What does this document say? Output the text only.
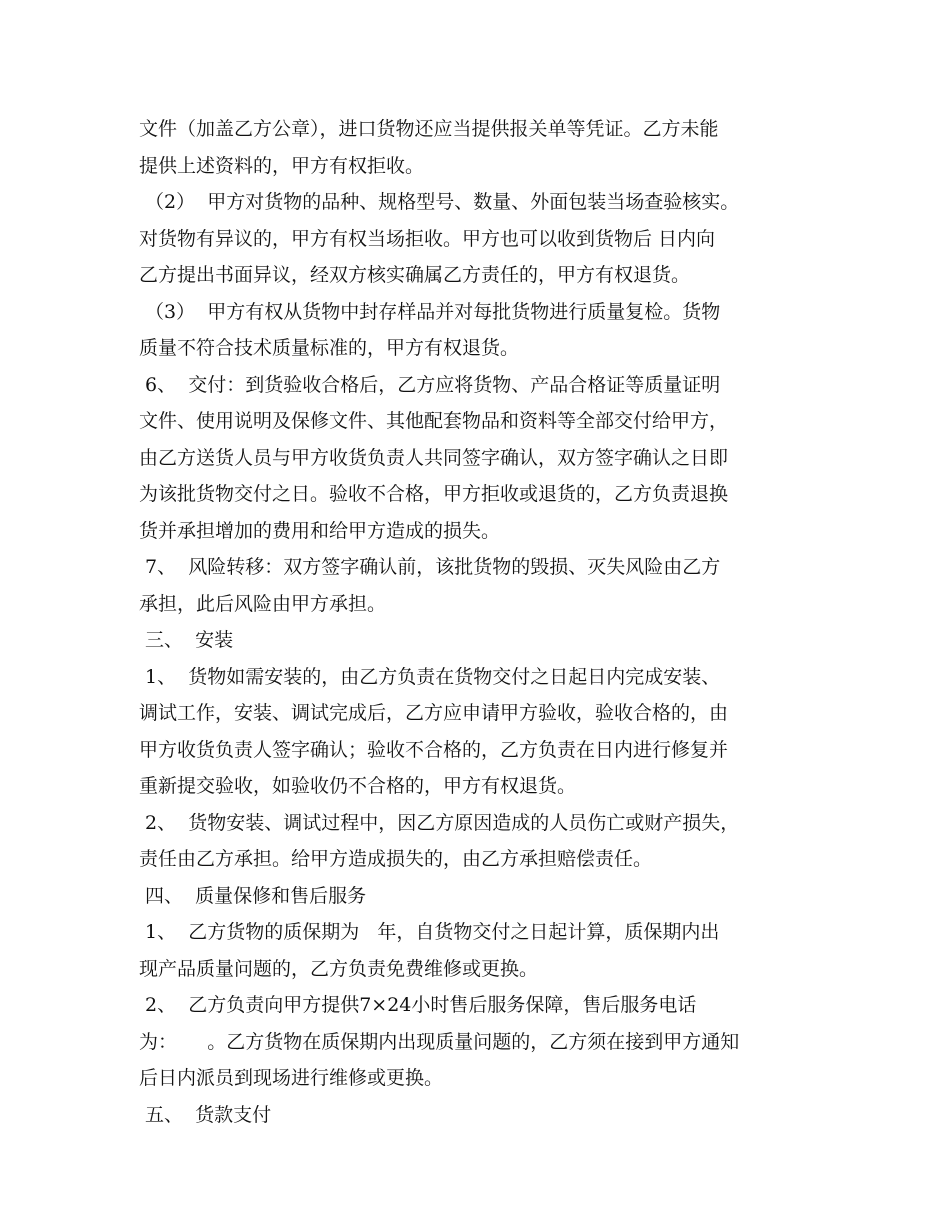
文件（加盖乙方公章），进口货物还应当提供报关单等凭证。乙方未能

提供上述资料的，甲方有权拒收。

（2）  甲方对货物的品种、规格型号、数量、外面包装当场查验核实。

对货物有异议的，甲方有权当场拒收。甲方也可以收到货物后 日内向

乙方提出书面异议，经双方核实确属乙方责任的，甲方有权退货。

（3）  甲方有权从货物中封存样品并对每批货物进行质量复检。货物

质量不符合技术质量标准的，甲方有权退货。

6、  交付：到货验收合格后，乙方应将货物、产品合格证等质量证明

文件、使用说明及保修文件、其他配套物品和资料等全部交付给甲方，

由乙方送货人员与甲方收货负责人共同签字确认，双方签字确认之日即

为该批货物交付之日。验收不合格，甲方拒收或退货的，乙方负责退换

货并承担增加的费用和给甲方造成的损失。

7、  风险转移：双方签字确认前，该批货物的毁损、灭失风险由乙方

承担，此后风险由甲方承担。

三、  安装

1、  货物如需安装的，由乙方负责在货物交付之日起日内完成安装、

调试工作，安装、调试完成后，乙方应申请甲方验收，验收合格的，由

甲方收货负责人签字确认；验收不合格的，乙方负责在日内进行修复并

重新提交验收，如验收仍不合格的，甲方有权退货。

2、  货物安装、调试过程中，因乙方原因造成的人员伤亡或财产损失，

责任由乙方承担。给甲方造成损失的，由乙方承担赔偿责任。

四、  质量保修和售后服务

1、  乙方货物的质保期为   年，自货物交付之日起计算，质保期内出

现产品质量问题的，乙方负责免费维修或更换。

2、  乙方负责向甲方提供7×24小时售后服务保障，售后服务电话

为：     。乙方货物在质保期内出现质量问题的，乙方须在接到甲方通知

后日内派员到现场进行维修或更换。

五、  货款支付
